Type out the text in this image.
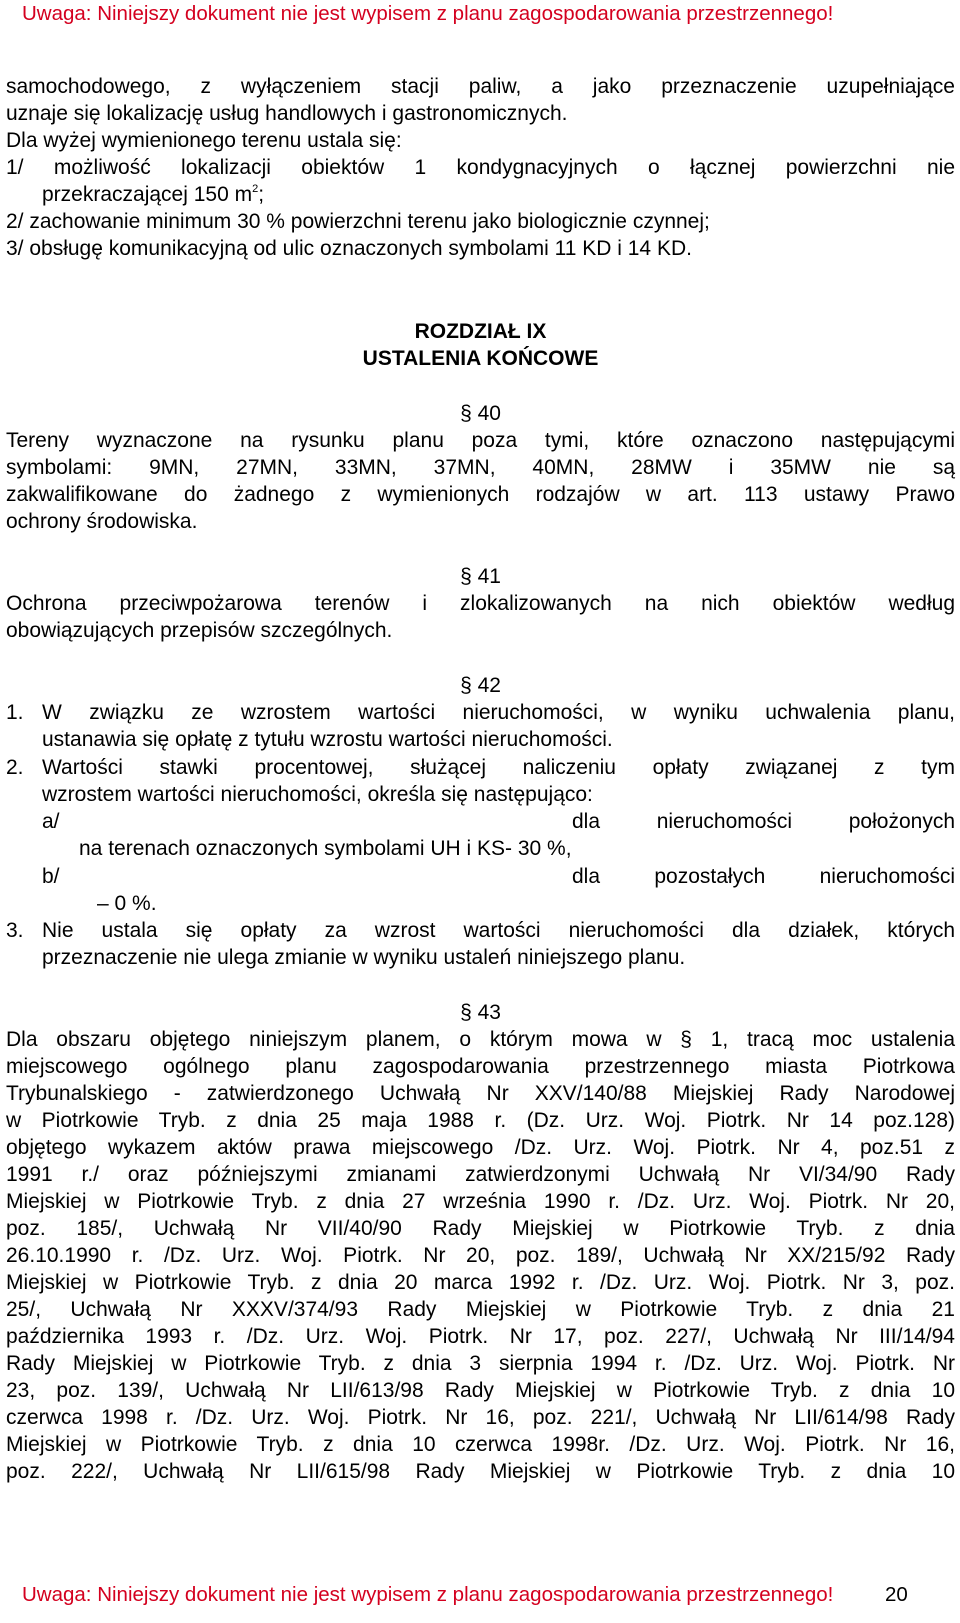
Uwaga: Niniejszy dokument nie jest wypisem z planu zagospodarowania przestrzennego!
samochodowego, z wyłączeniem stacji paliw, a jako przeznaczenie uzupełniające
uznaje się lokalizację usług handlowych i gastronomicznych.
Dla wyżej wymienionego terenu ustala się:
1/ możliwość lokalizacji obiektów 1 kondygnacyjnych o łącznej powierzchni nie
przekraczającej 150 $m^2$;
2/ zachowanie minimum 30 % powierzchni terenu jako biologicznie czynnej;
3/ obsługę komunikacyjną od ulic oznaczonych symbolami 11 KD i 14 KD.
ROZDZIAŁ IX
USTALENIA KOŃCOWE
§ 40
Tereny wyznaczone na rysunku planu poza tymi, które oznaczono następującymi
symbolami: 9MN, 27MN, 33MN, 37MN, 40MN, 28MW i 35MW nie są
zakwalifikowane do żadnego z wymienionych rodzajów w art. 113 ustawy Prawo
ochrony środowiska.
§ 41
Ochrona przeciwpożarowa terenów i zlokalizowanych na nich obiektów według
obowiązujących przepisów szczególnych.
§ 42
1. W związku ze wzrostem wartości nieruchomości, w wyniku uchwalenia planu,
ustanawia się opłatę z tytułu wzrostu wartości nieruchomości.
2. Wartości stawki procentowej, służącej naliczeniu opłaty związanej z tym
wzrostem wartości nieruchomości, określa się następująco:
a/	dla nieruchomości położonych
na terenach oznaczonych symbolami UH i KS- 30 %,
b/	dla pozostałych nieruchomości
– 0 %.
3. Nie ustala się opłaty za wzrost wartości nieruchomości dla działek, których
przeznaczenie nie ulega zmianie w wyniku ustaleń niniejszego planu.
§ 43
Dla obszaru objętego niniejszym planem, o którym mowa w § 1, tracą moc ustalenia
miejscowego ogólnego planu zagospodarowania przestrzennego miasta Piotrkowa
Trybunalskiego - zatwierdzonego Uchwałą Nr XXV/140/88 Miejskiej Rady Narodowej
w Piotrkowie Tryb. z dnia 25 maja 1988 r. (Dz. Urz. Woj. Piotrk. Nr 14 poz.128)
objętego wykazem aktów prawa miejscowego /Dz. Urz. Woj. Piotrk. Nr 4, poz.51 z
1991 r./ oraz późniejszymi zmianami zatwierdzonymi Uchwałą Nr VI/34/90 Rady
Miejskiej w Piotrkowie Tryb. z dnia 27 września 1990 r. /Dz. Urz. Woj. Piotrk. Nr 20,
poz. 185/, Uchwałą Nr VII/40/90 Rady Miejskiej w Piotrkowie Tryb. z dnia
26.10.1990 r. /Dz. Urz. Woj. Piotrk. Nr 20, poz. 189/, Uchwałą Nr XX/215/92 Rady
Miejskiej w Piotrkowie Tryb. z dnia 20 marca 1992 r. /Dz. Urz. Woj. Piotrk. Nr 3, poz.
25/, Uchwałą Nr XXXV/374/93 Rady Miejskiej w Piotrkowie Tryb. z dnia 21
października 1993 r. /Dz. Urz. Woj. Piotrk. Nr 17, poz. 227/, Uchwałą Nr III/14/94
Rady Miejskiej w Piotrkowie Tryb. z dnia 3 sierpnia 1994 r. /Dz. Urz. Woj. Piotrk. Nr
23, poz. 139/, Uchwałą Nr LII/613/98 Rady Miejskiej w Piotrkowie Tryb. z dnia 10
czerwca 1998 r. /Dz. Urz. Woj. Piotrk. Nr 16, poz. 221/, Uchwałą Nr LII/614/98 Rady
Miejskiej w Piotrkowie Tryb. z dnia 10 czerwca 1998r. /Dz. Urz. Woj. Piotrk. Nr 16,
poz. 222/, Uchwałą Nr LII/615/98 Rady Miejskiej w Piotrkowie Tryb. z dnia 10
Uwaga: Niniejszy dokument nie jest wypisem z planu zagospodarowania przestrzennego!	20
